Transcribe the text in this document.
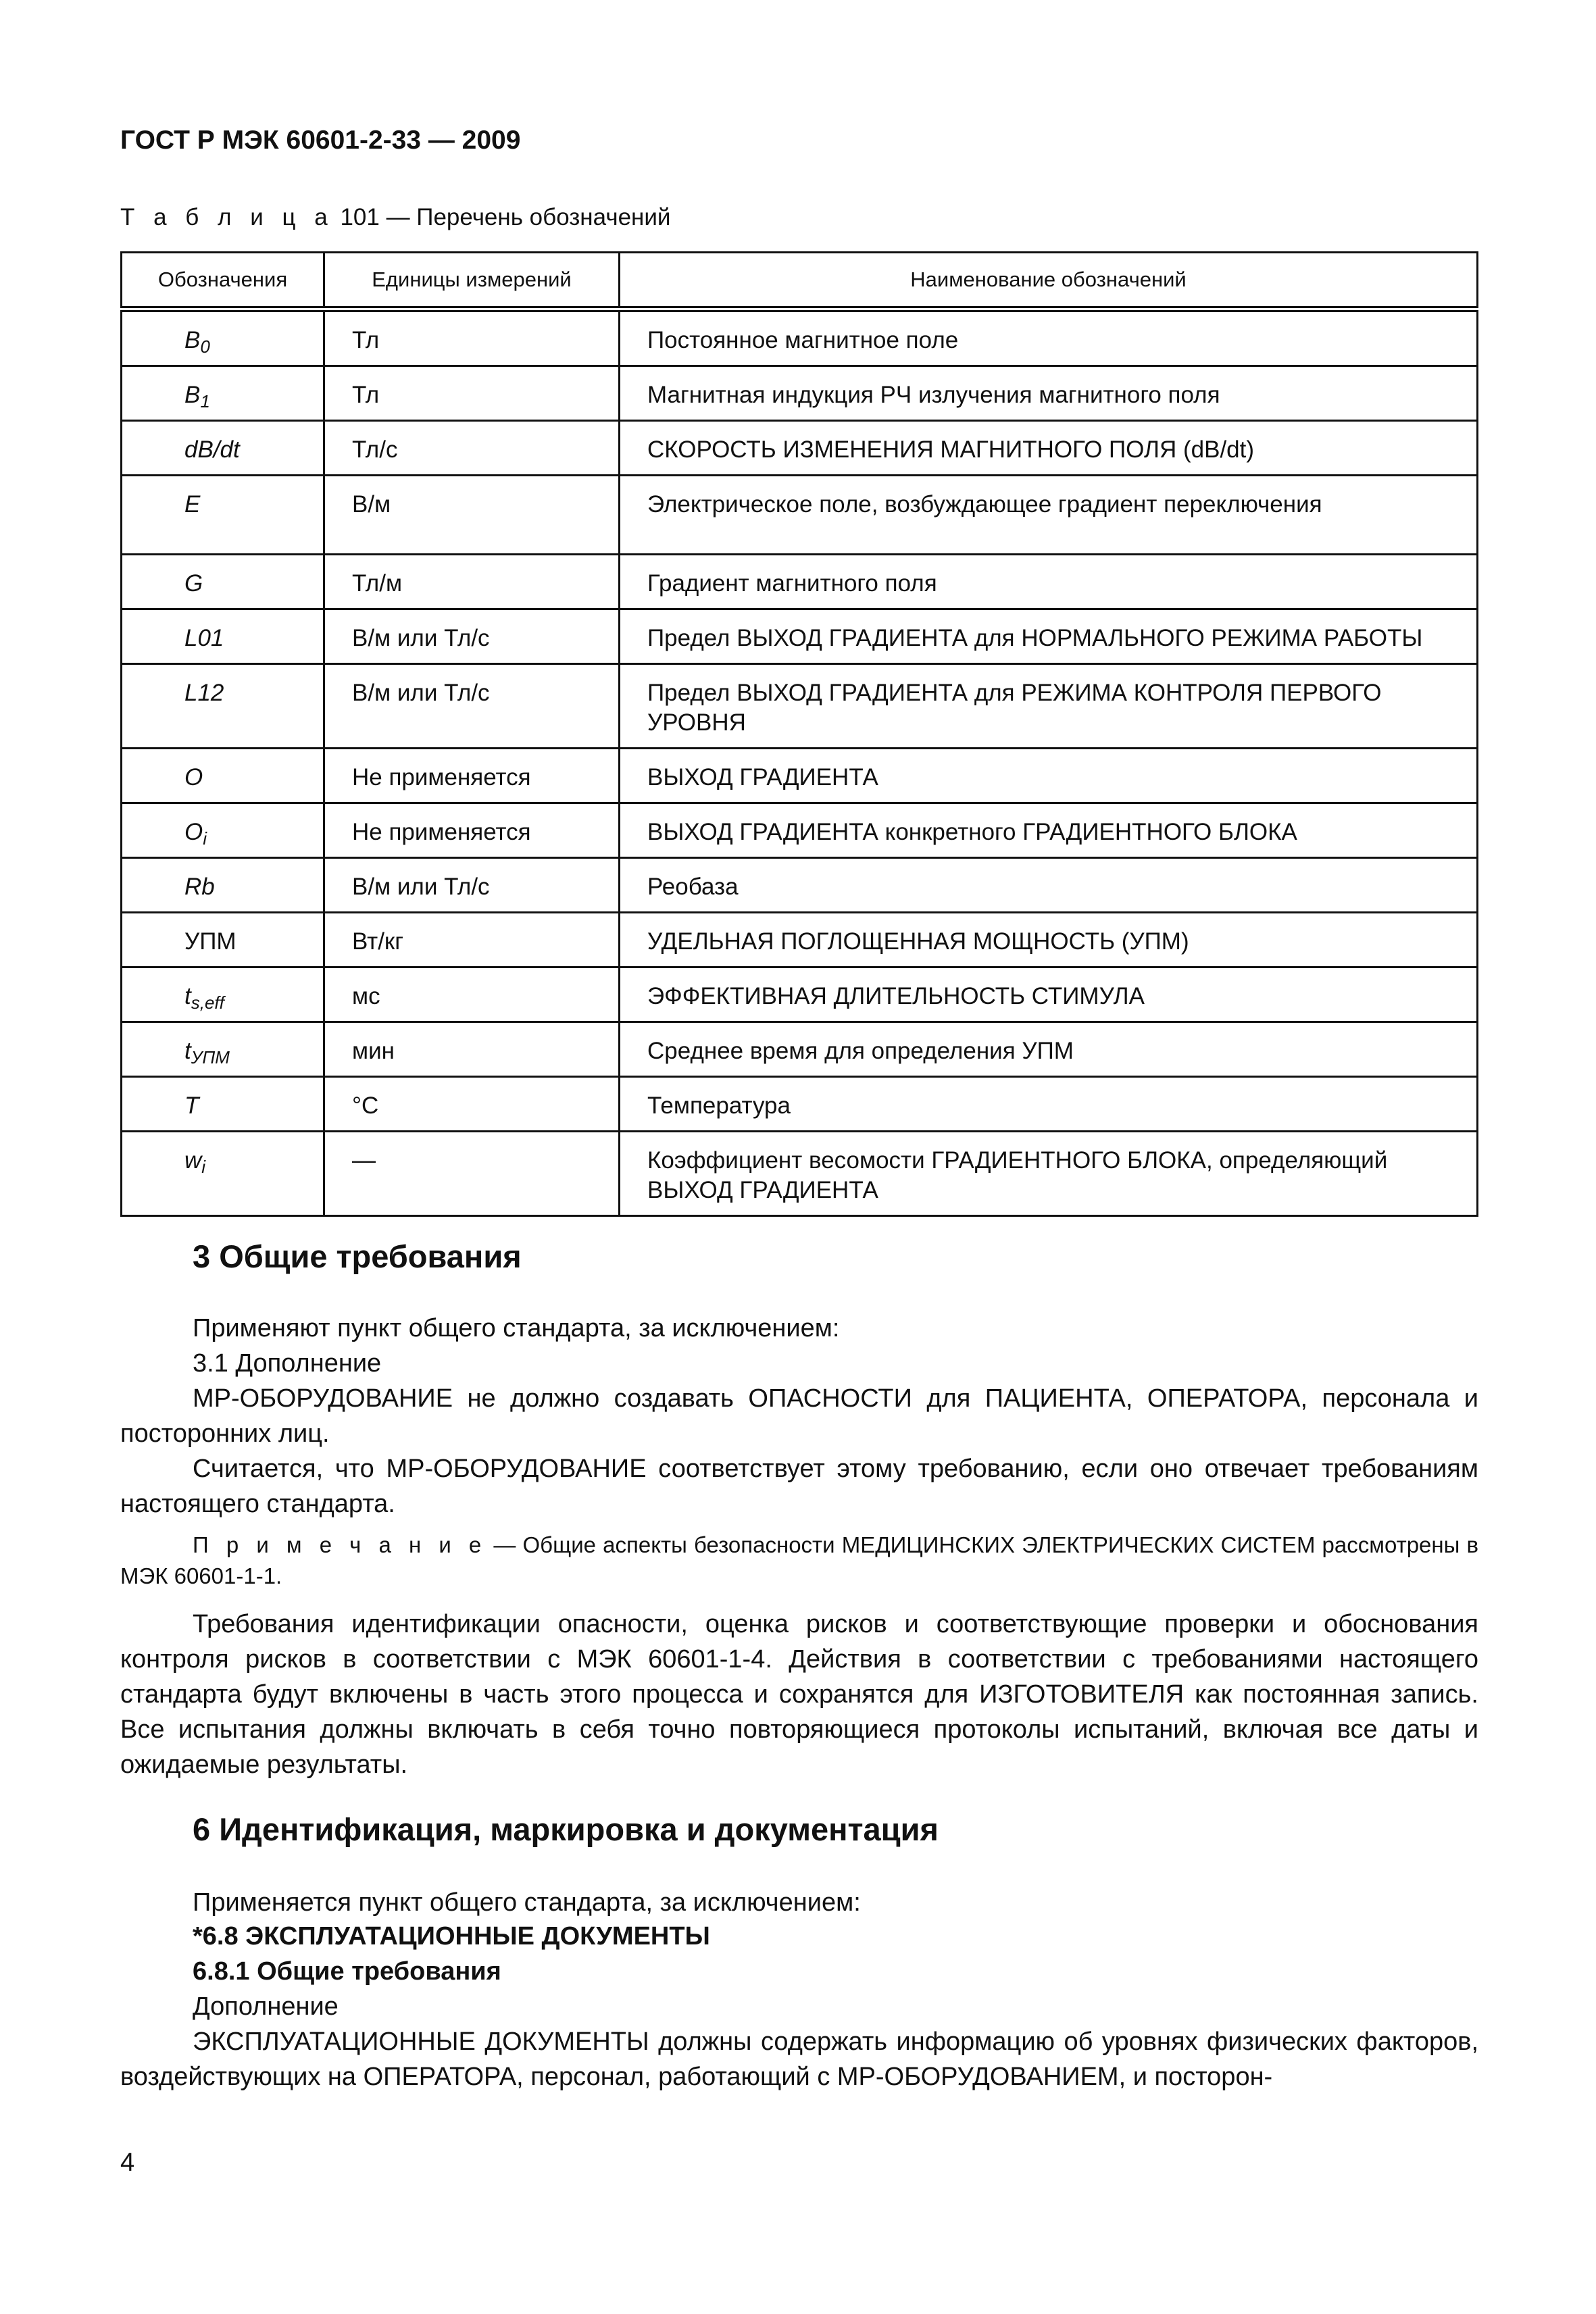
ГОСТ Р МЭК 60601-2-33 — 2009
Т а б л и ц а 101 — Перечень обозначений
Обозначения	Единицы измерений	Наименование обозначений
$B_0$	Тл	Постоянное магнитное поле
$B_1$	Тл	Магнитная индукция РЧ излучения магнитного поля
dB/dt	Тл/с	СКОРОСТЬ ИЗМЕНЕНИЯ МАГНИТНОГО ПОЛЯ (dB/dt)
E	В/м	Электрическое поле, возбуждающее градиент переключения
G	Тл/м	Градиент магнитного поля
L01	В/м или Тл/с	Предел ВЫХОД ГРАДИЕНТА для НОРМАЛЬНОГО РЕЖИМА РАБОТЫ
L12	В/м или Тл/с	Предел ВЫХОД ГРАДИЕНТА для РЕЖИМА КОНТРОЛЯ ПЕРВОГО УРОВНЯ
O	Не применяется	ВЫХОД ГРАДИЕНТА
$O_i$	Не применяется	ВЫХОД ГРАДИЕНТА конкретного ГРАДИЕНТНОГО БЛОКА
Rb	В/м или Тл/с	Реобаза
УПМ	Вт/кг	УДЕЛЬНАЯ ПОГЛОЩЕННАЯ МОЩНОСТЬ (УПМ)
$t_{s,eff}$	мс	ЭФФЕКТИВНАЯ ДЛИТЕЛЬНОСТЬ СТИМУЛА
$t_{УПМ}$	мин	Среднее время для определения УПМ
T	°С	Температура
$w_i$	—	Коэффициент весомости ГРАДИЕНТНОГО БЛОКА, определяющий ВЫХОД ГРАДИЕНТА
3 Общие требования
Применяют пункт общего стандарта, за исключением:
3.1 Дополнение
МР-ОБОРУДОВАНИЕ не должно создавать ОПАСНОСТИ для ПАЦИЕНТА, ОПЕРАТОРА, персонала и посторонних лиц.
Считается, что МР-ОБОРУДОВАНИЕ соответствует этому требованию, если оно отвечает требованиям настоящего стандарта.
П р и м е ч а н и е — Общие аспекты безопасности МЕДИЦИНСКИХ ЭЛЕКТРИЧЕСКИХ СИСТЕМ рассмотрены в МЭК 60601-1-1.
Требования идентификации опасности, оценка рисков и соответствующие проверки и обоснования контроля рисков в соответствии с МЭК 60601-1-4. Действия в соответствии с требованиями настоящего стандарта будут включены в часть этого процесса и сохранятся для ИЗГОТОВИТЕЛЯ как постоянная запись. Все испытания должны включать в себя точно повторяющиеся протоколы испытаний, включая все даты и ожидаемые результаты.
6 Идентификация, маркировка и документация
Применяется пункт общего стандарта, за исключением:
*6.8 ЭКСПЛУАТАЦИОННЫЕ ДОКУМЕНТЫ
6.8.1 Общие требования
Дополнение
ЭКСПЛУАТАЦИОННЫЕ ДОКУМЕНТЫ должны содержать информацию об уровнях физических факторов, воздействующих на ОПЕРАТОРА, персонал, работающий с МР-ОБОРУДОВАНИЕМ, и посторон-
4
